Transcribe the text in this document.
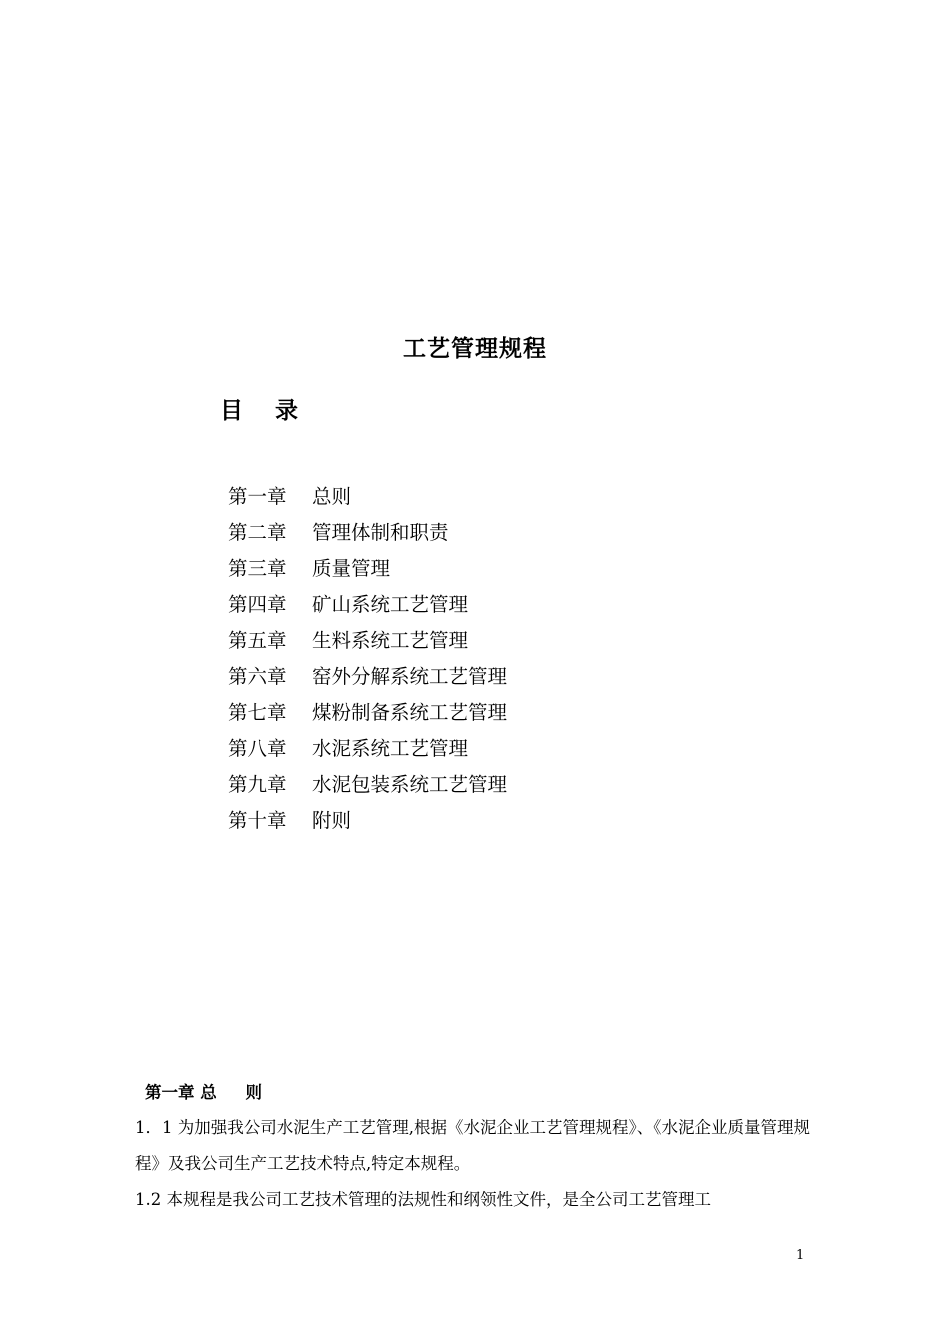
工艺管理规程
目    录
第一章 总则
第二章 管理体制和职责
第三章 质量管理
第四章 矿山系统工艺管理
第五章 生料系统工艺管理
第六章 窑外分解系统工艺管理
第七章 煤粉制备系统工艺管理
第八章 水泥系统工艺管理
第九章 水泥包装系统工艺管理
第十章 附则
第一章 总     则

1．1 为加强我公司水泥生产工艺管理,根据《水泥企业工艺管理规程》、《水泥企业质量管理规程》及我公司生产工艺技术特点,特定本规程。

1.2 本规程是我公司工艺技术管理的法规性和纲领性文件，是全公司工艺管理工

1
